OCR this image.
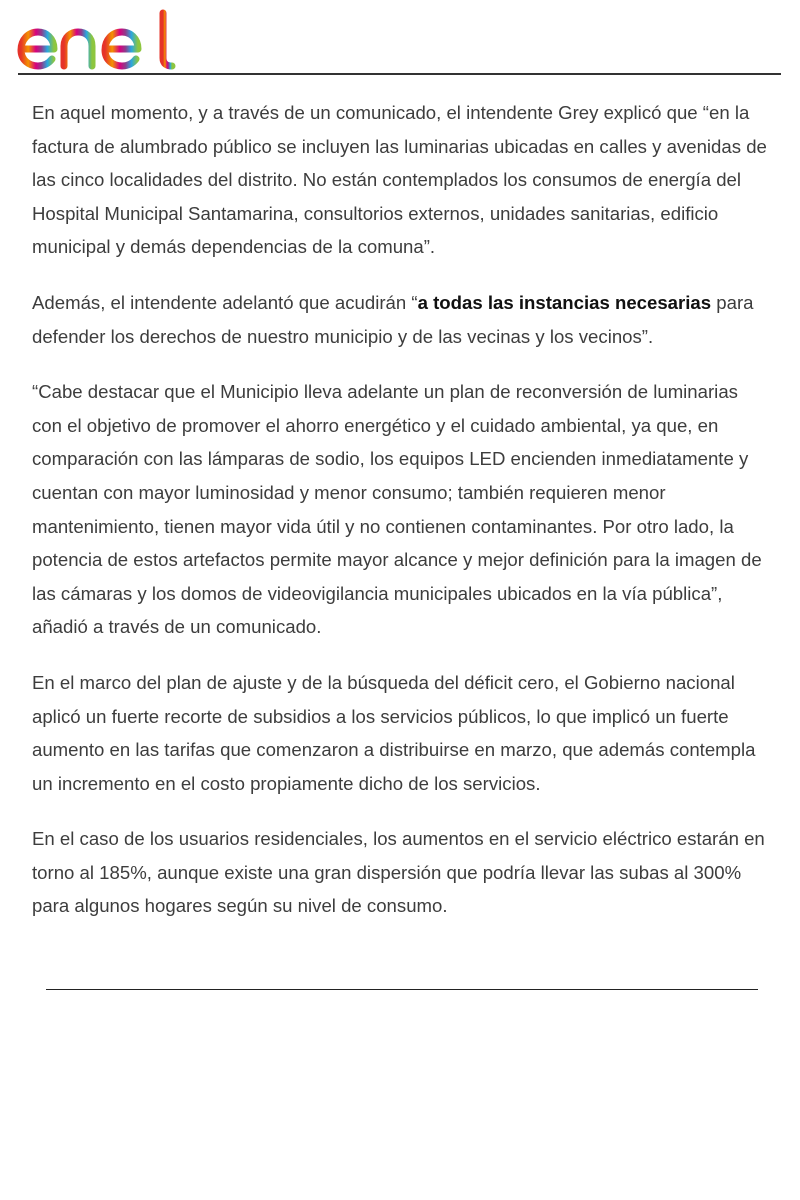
En aquel momento, y a través de un comunicado, el intendente Grey explicó que “en la factura de alumbrado público se incluyen las luminarias ubicadas en calles y avenidas de las cinco localidades del distrito. No están contemplados los consumos de energía del Hospital Municipal Santamarina, consultorios externos, unidades sanitarias, edificio municipal y demás dependencias de la comuna”.

Además, el intendente adelantó que acudirán “a todas las instancias necesarias para defender los derechos de nuestro municipio y de las vecinas y los vecinos”.

“Cabe destacar que el Municipio lleva adelante un plan de reconversión de luminarias con el objetivo de promover el ahorro energético y el cuidado ambiental, ya que, en comparación con las lámparas de sodio, los equipos LED encienden inmediatamente y cuentan con mayor luminosidad y menor consumo; también requieren menor mantenimiento, tienen mayor vida útil y no contienen contaminantes. Por otro lado, la potencia de estos artefactos permite mayor alcance y mejor definición para la imagen de las cámaras y los domos de videovigilancia municipales ubicados en la vía pública”, añadió a través de un comunicado.

En el marco del plan de ajuste y de la búsqueda del déficit cero, el Gobierno nacional aplicó un fuerte recorte de subsidios a los servicios públicos, lo que implicó un fuerte aumento en las tarifas que comenzaron a distribuirse en marzo, que además contempla un incremento en el costo propiamente dicho de los servicios.

En el caso de los usuarios residenciales, los aumentos en el servicio eléctrico estarán en torno al 185%, aunque existe una gran dispersión que podría llevar las subas al 300% para algunos hogares según su nivel de consumo.
